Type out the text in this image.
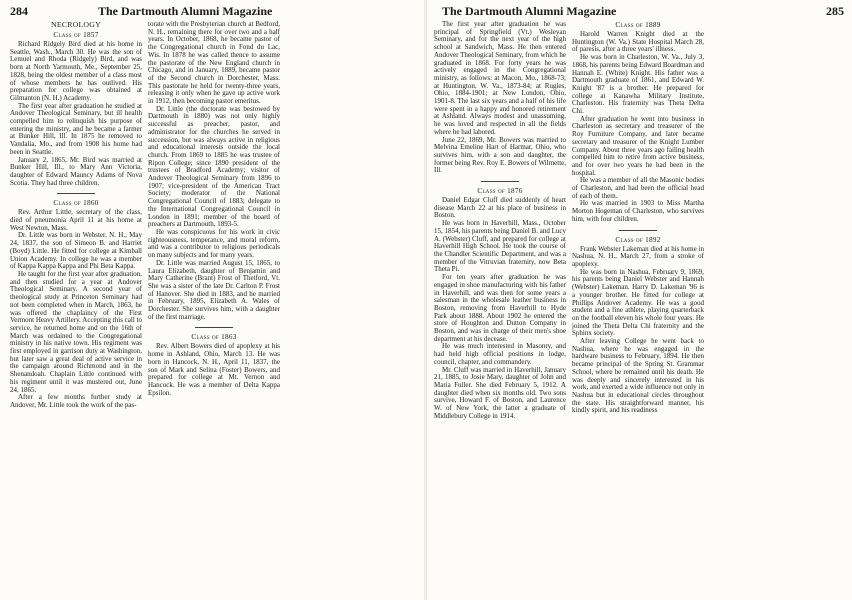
284	The Dartmouth Alumni Magazine
NECROLOGY
Class of 1857

Richard Ridgely Bird died at his home in Seattle, Wash., March 30. He was the son of Lemuel and Rhoda (Ridgely) Bird, and was born at North Yarmouth, Me., September 25, 1828, being the oldest member of a class most of whose members he has outlived. His preparation for college was obtained at Gilmanton (N. H.) Academy.

The first year after graduation he studied at Andover Theological Seminary, but ill health compelled him to relinquish his purpose of entering the ministry, and he became a farmer at Bunker Hill, Ill. In 1875 he removed to Vandalia, Mo., and from 1908 his home had been in Seattle.

January 2, 1865, Mr. Bird was married at Bunker Hill, Ill., to Mary Ann Victoria, daughter of Edward Mauncy Adams of Nova Scotia. They had three children.

Class of 1860

Rev. Arthur Little, secretary of the class, died of pneumonia April 11 at his home at West Newton, Mass.

Dr. Little was born in Webster, N. H., May 24, 1837, the son of Simeon B. and Harriet (Boyd) Little. He fitted for college at Kimball Union Academy. In college he was a member of Kappa Kappa Kappa and Phi Beta Kappa.

He taught for the first year after graduation, and then studied for a year at Andover Theological Seminary. A second year of theological study at Princeton Seminary had not been completed when in March, 1863, he was offered the chaplaincy of the First Vermont Heavy Artillery. Accepting this call to service, he returned home and on the 16th of March was ordained to the Congregational ministry in his native town. His regiment was first employed in garrison duty at Washington, but later saw a great deal of active service in the campaign around Richmond and in the Shenandoah. Chaplain Little continued with his regiment until it was mustered out, June 24, 1865.

After a few months further study at Andover, Mr. Little took the work of the pas-

torate with the Presbyterian church at Bedford, N. H., remaining there for over two and a half years. In October, 1868, he became pastor of the Congregational church in Fond du Lac, Wis. In 1878 he was called thence to assume the pastorate of the New England church in Chicago, and in January, 1889, became pastor of the Second church in Dorchester, Mass. This pastorate he held for twenty-three years, releasing it only when he gave up active work in 1912, then becoming pastor emeritus.

Dr. Little (the doctorate was bestowed by Dartmouth in 1880) was not only highly successful as preacher, pastor, and administrator for the churches he served in succession, but was always active in religious and educational interests outside the local church. From 1869 to 1885 he was trustee of Ripon College; since 1890 president of the trustees of Bradford Academy; visitor of Andover Theological Seminary from 1896 to 1907; vice-president of the American Tract Society; moderator of the National Congregational Council of 1883; delegate to the International Congregational Council in London in 1891; member of the board of preachers at Dartmouth, 1893-5.

He was conspicuous for his work in civic righteousness, temperance, and moral reform, and was a contributor to religious periodicals on many subjects and for many years.

Dr. Little was married August 15, 1865, to Laura Elizabeth, daughter of Benjamin and Mary Catherine (Brant) Frost of Thetford, Vt. She was a sister of the late Dr. Carlton P. Frost of Hanover. She died in 1883, and he married in February, 1895, Elizabeth A. Wales of Dorchester. She survives him, with a daughter of the first marriage.

Class of 1863

Rev. Albert Bowers died of apoplexy at his home in Ashland, Ohio, March 13. He was born in Hancock, N. H., April 11, 1837, the son of Mark and Selina (Foster) Bowers, and prepared for college at Mt. Vernon and Hancock. He was a member of Delta Kappa Epsilon.

The Dartmouth Alumni Magazine	285

The first year after graduation he was principal of Springfield (Vt.) Wesleyan Seminary, and for the next year of the high school at Sandwich, Mass. He then entered Andover Theological Seminary, from which he graduated in 1868. For forty years he was actively engaged in the Congregational ministry, as follows: at Macon, Mo., 1868-73; at Huntington, W. Va., 1873-84; at Rugles, Ohio, 1884-1901; at New London, Ohio, 1901-8. The last six years and a half of his life were spent in a happy and honored retirement at Ashland. Always modest and unassuming, he was loved and respected in all the fields where he had labored.

June 22, 1869, Mr. Bowers was married to Melvina Emeline Hart of Harmar, Ohio, who survives him, with a son and daughter, the former being Rev. Roy E. Bowers of Wilmette, Ill.

Class of 1876

Daniel Edgar Cluff died suddenly of heart disease March 22 at his place of business in Boston.

He was born in Haverhill, Mass., October 15, 1854, his parents being Daniel B. and Lucy A. (Webster) Cluff, and prepared for college at Haverhill High School. He took the course of the Chandler Scientific Department, and was a member of the Vitruvian fraternity, now Beta Theta Pi.

For ten years after graduation he was engaged in shoe manufacturing with his father in Haverhill, and was then for some years a salesman in the wholesale leather business in Boston, removing from Haverhill to Hyde Park about 1888. About 1902 he entered the store of Houghton and Dutton Company in Boston, and was in charge of their men's shoe department at his decease.

He was much interested in Masonry, and had held high official positions in lodge, council, chapter, and commandery.

Mr. Cluff was married in Haverhill, January 21, 1885, to Josie Mary, daughter of John and Maria Fuller. She died February 5, 1912. A daughter died when six months old. Two sons survive, Howard F. of Boston, and Laurence W. of New York, the latter a graduate of Middlebury College in 1914.

Class of 1889

Harold Warren Knight died at the Huntington (W. Va.) State Hospital March 28, of paresis, after a three years' illness.

He was born in Charleston, W. Va., July 3, 1868, his parents being Edward Boardman and Hannah E. (White) Knight. His father was a Dartmouth graduate of 1861, and Edward W. Knight '87 is a brother. He prepared for college at Kanawha Military Institute, Charleston. His fraternity was Theta Delta Chi.

After graduation he went into business in Charleston as secretary and treasurer of the Roy Furniture Company, and later became secretary and treasurer of the Knight Lumber Company. About three years ago failing health compelled him to retire from active business, and for over two years he had been in the hospital.

He was a member of all the Masonic bodies of Charleston, and had been the official head of each of them.

He was married in 1903 to Miss Martha Morton Hogeman of Charleston, who survives him, with four children.

Class of 1892

Frank Webster Lakeman died at his home in Nashua, N. H., March 27, from a stroke of apoplexy.

He was born in Nashua, February 9, 1869, his parents being Daniel Webster and Hannah (Webster) Lakeman. Harry D. Lakeman '96 is a younger brother. He fitted for college at Phillips Andover Academy. He was a good student and a fine athlete, playing quarterback on the football eleven his whole four years. He joined the Theta Delta Chi fraternity and the Sphinx society.

After leaving College he went back to Nashua, where he was engaged in the hardware business to February, 1894. He then became principal of the Spring St. Grammar School, where he remained until his death. He was deeply and sincerely interested in his work, and exerted a wide influence not only in Nashua but in educational circles throughout the state. His straightforward manner, his kindly spirit, and his readiness
